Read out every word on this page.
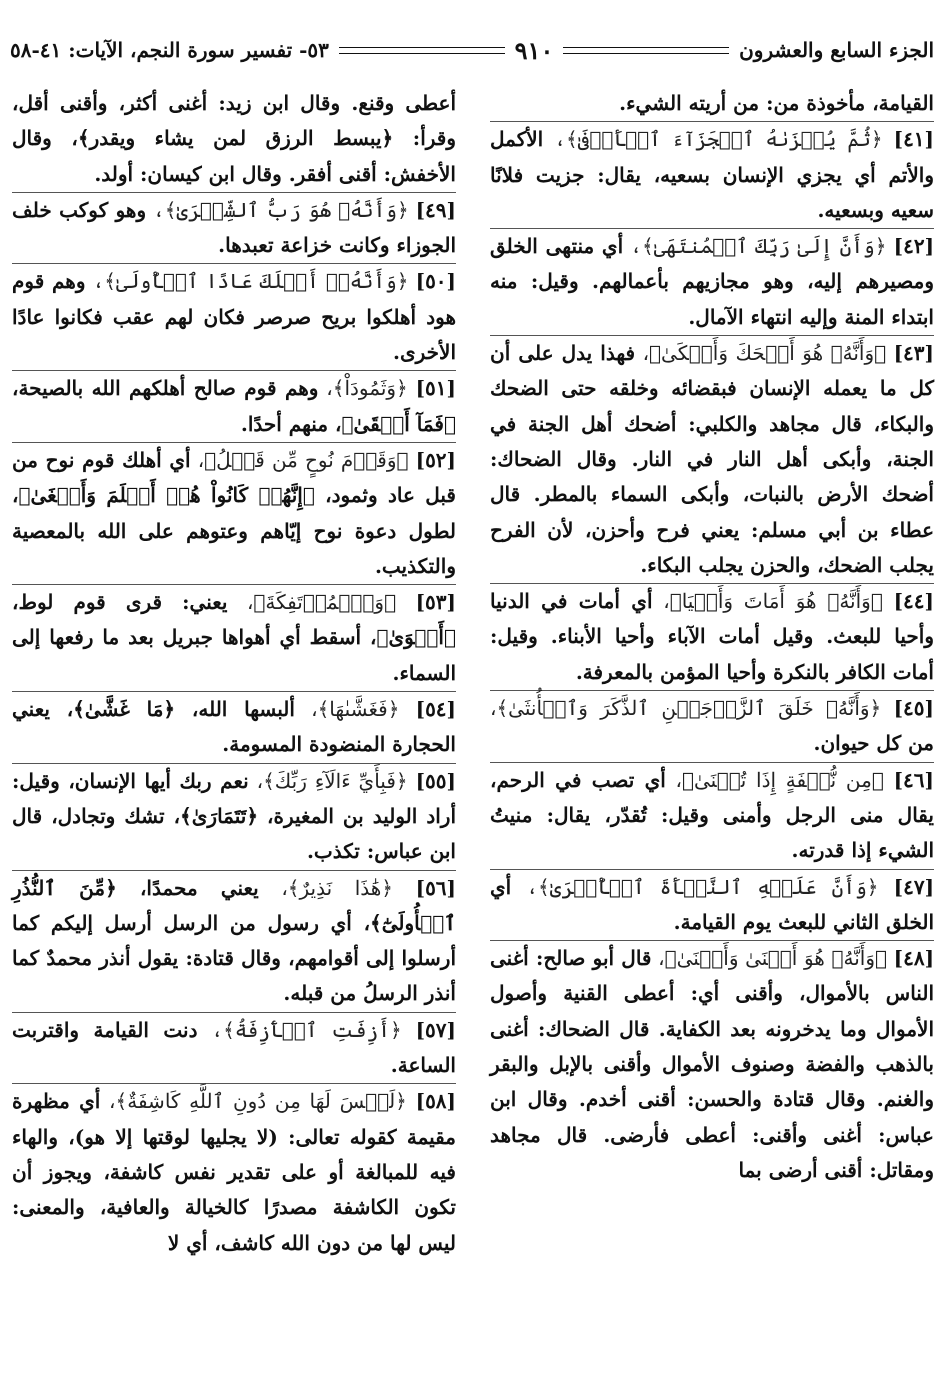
الجزء السابع والعشرون
٩١٠
٥٣- تفسير سورة النجم، الآيات: ٤١-٥٨

القيامة، مأخوذة من: من أريته الشيء.

[٤١] ﴿ثُمَّ يُجۡزَىٰهُ ٱلۡجَزَآءَ ٱلۡأَوۡفَىٰ﴾، الأكمل والأتم أي يجزي الإنسان بسعيه، يقال: جزيت فلانًا سعيه وبسعيه.

[٤٢] ﴿وَأَنَّ إِلَىٰ رَبِّكَ ٱلۡمُنتَهَىٰ﴾، أي منتهى الخلق ومصيرهم إليه، وهو مجازيهم بأعمالهم. وقيل: منه ابتداء المنة وإليه انتهاء الآمال.

[٤٣] ﴿وَأَنَّهُۥ هُوَ أَضۡحَكَ وَأَبۡكَىٰ﴾، فهذا يدل على أن كل ما يعمله الإنسان فبقضائه وخلقه حتى الضحك والبكاء، قال مجاهد والكلبي: أضحك أهل الجنة في الجنة، وأبكى أهل النار في النار. وقال الضحاك: أضحك الأرض بالنبات، وأبكى السماء بالمطر. قال عطاء بن أبي مسلم: يعني فرح وأحزن، لأن الفرح يجلب الضحك، والحزن يجلب البكاء.

[٤٤] ﴿وَأَنَّهُۥ هُوَ أَمَاتَ وَأَحۡيَا﴾، أي أمات في الدنيا وأحيا للبعث. وقيل أمات الآباء وأحيا الأبناء. وقيل: أمات الكافر بالنكرة وأحيا المؤمن بالمعرفة.

[٤٥] ﴿وَأَنَّهُۥ خَلَقَ ٱلزَّوۡجَيۡنِ ٱلذَّكَرَ وَٱلۡأُنثَىٰ﴾، من كل حيوان.

[٤٦] ﴿مِن نُّطۡفَةٍ إِذَا تُمۡنَىٰ﴾، أي تصب في الرحم، يقال منى الرجل وأمنى وقيل: تُقدّر، يقال: منيتُ الشيء إذا قدرته.

[٤٧] ﴿وَأَنَّ عَلَيۡهِ ٱلنَّشۡأَةَ ٱلۡأُخۡرَىٰ﴾، أي الخلق الثاني للبعث يوم القيامة.

[٤٨] ﴿وَأَنَّهُۥ هُوَ أَغۡنَىٰ وَأَقۡنَىٰ﴾، قال أبو صالح: أغنى الناس بالأموال، وأقنى أي: أعطى القنية وأصول الأموال وما يدخرونه بعد الكفاية. قال الضحاك: أغنى بالذهب والفضة وصنوف الأموال وأقنى بالإبل والبقر والغنم. وقال قتادة والحسن: أقنى أخدم. وقال ابن عباس: أغنى وأقنى: أعطى فأرضى. قال مجاهد ومقاتل: أقنى أرضى بما

أعطى وقنع. وقال ابن زيد: أغنى أكثر، وأقنى أقل، وقرأ: ﴿يبسط الرزق لمن يشاء ويقدر﴾، وقال الأخفش: أقنى أفقر. وقال ابن كيسان: أولد.

[٤٩] ﴿وَأَنَّهُۥ هُوَ رَبُّ ٱلشِّعۡرَىٰ﴾، وهو كوكب خلف الجوزاء وكانت خزاعة تعبدها.

[٥٠] ﴿وَأَنَّهُۥٓ أَهۡلَكَ عَادًا ٱلۡأُولَىٰ﴾، وهم قوم هود أهلكوا بريح صرصر فكان لهم عقب فكانوا عادًا الأخرى.

[٥١] ﴿وَثَمُودَاْ﴾، وهم قوم صالح أهلكهم الله بالصيحة، ﴿فَمَآ أَبۡقَىٰ﴾، منهم أحدًا.

[٥٢] ﴿وَقَوۡمَ نُوحٍ مِّن قَبۡلُ﴾، أي أهلك قوم نوح من قبل عاد وثمود، ﴿إِنَّهُمۡ كَانُواْ هُمۡ أَظۡلَمَ وَأَطۡغَىٰ﴾، لطول دعوة نوح إيّاهم وعتوهم على الله بالمعصية والتكذيب.

[٥٣] ﴿وَٱلۡمُؤۡتَفِكَةَ﴾، يعني: قرى قوم لوط، ﴿أَهۡوَىٰ﴾، أسقط أي أهواها جبريل بعد ما رفعها إلى السماء.

[٥٤] ﴿فَغَشَّىٰهَا﴾، ألبسها الله، ﴿مَا غَشَّىٰ﴾، يعني الحجارة المنضودة المسومة.

[٥٥] ﴿فَبِأَيِّ ءَالَآءِ رَبِّكَ﴾، نعم ربك أيها الإنسان، وقيل: أراد الوليد بن المغيرة، ﴿تَتَمَارَىٰ﴾، تشك وتجادل، قال ابن عباس: تكذب.

[٥٦] ﴿هَٰذَا نَذِيرٌ﴾، يعني محمدًا، ﴿مِّنَ ٱلنُّذُرِ ٱلۡأُولَىٰٓ﴾، أي رسول من الرسل أرسل إليكم كما أرسلوا إلى أقوامهم، وقال قتادة: يقول أنذر محمدٌ كما أنذر الرسلُ من قبله.

[٥٧] ﴿أَزِفَتِ ٱلۡأٓزِفَةُ﴾، دنت القيامة واقتربت الساعة.

[٥٨] ﴿لَيۡسَ لَهَا مِن دُونِ ٱللَّهِ كَاشِفَةٌ﴾، أي مظهرة مقيمة كقوله تعالى: (لا يجليها لوقتها إلا هو)، والهاء فيه للمبالغة أو على تقدير نفس كاشفة، ويجوز أن تكون الكاشفة مصدرًا كالخيالة والعافية، والمعنى: ليس لها من دون الله كاشف، أي لا
